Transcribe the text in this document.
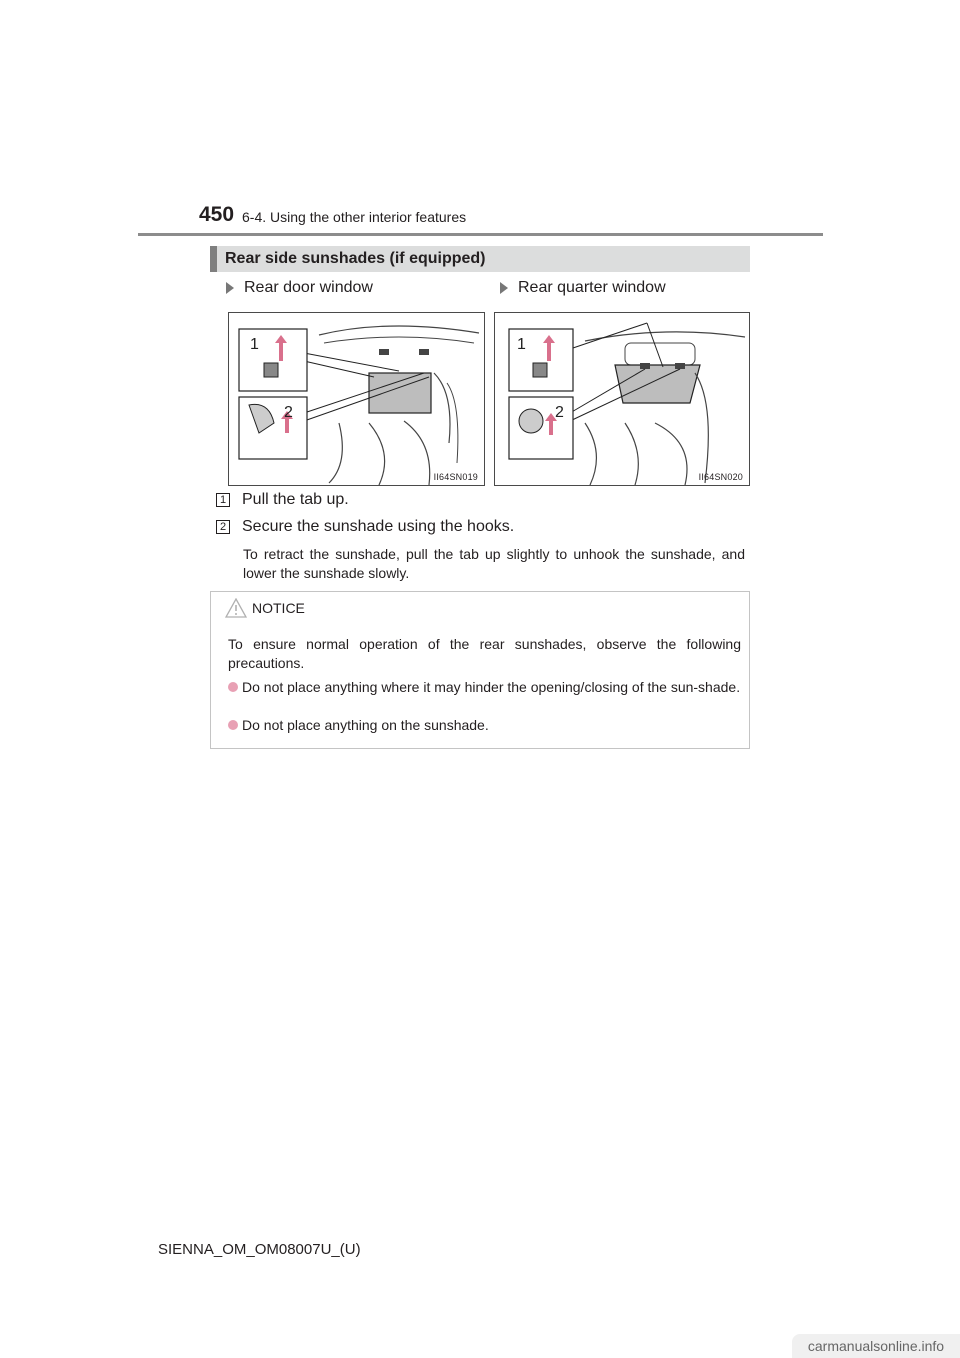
450 6-4. Using the other interior features
Rear side sunshades (if equipped)
Rear door window	Rear quarter window
1
2
II64SN019
1
2
II64SN020
1 Pull the tab up.
2 Secure the sunshade using the hooks.
To retract the sunshade, pull the tab up slightly to unhook the sunshade, and lower the sunshade slowly.
NOTICE
To ensure normal operation of the rear sunshades, observe the following precautions.
Do not place anything where it may hinder the opening/closing of the sun-shade.
Do not place anything on the sunshade.
SIENNA_OM_OM08007U_(U)
carmanualsonline.info
